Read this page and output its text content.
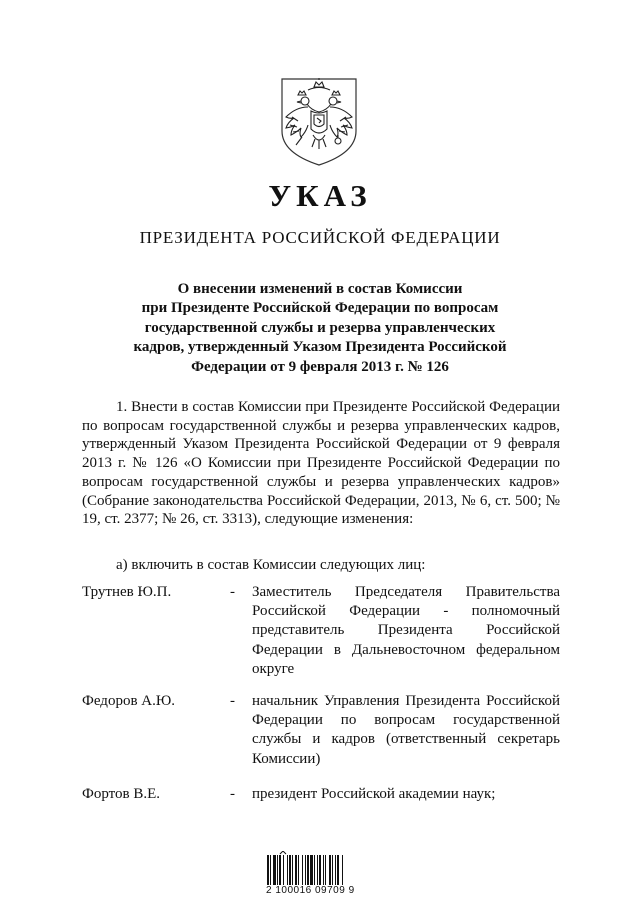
УКАЗ
ПРЕЗИДЕНТА РОССИЙСКОЙ ФЕДЕРАЦИИ
О внесении изменений в состав Комиссии
при Президенте Российской Федерации по вопросам
государственной службы и резерва управленческих
кадров, утвержденный Указом Президента Российской
Федерации от 9 февраля 2013 г. № 126
1. Внести в состав Комиссии при Президенте Российской Федерации по вопросам государственной службы и резерва управленческих кадров, утвержденный Указом Президента Российской Федерации от 9 февраля 2013 г. № 126 «О Комиссии при Президенте Российской Федерации по вопросам государственной службы и резерва управленческих кадров» (Собрание законодательства Российской Федерации, 2013, № 6, ст. 500; № 19, ст. 2377; № 26, ст. 3313), следующие изменения:
а) включить в состав Комиссии следующих лиц:
Трутнев Ю.П.	- Заместитель Председателя Правительства Российской Федерации - полномочный представитель Президента Российской Федерации в Дальневосточном федеральном округе
Федоров А.Ю.	- начальник Управления Президента Российской Федерации по вопросам государственной службы и кадров (ответственный секретарь Комиссии)
Фортов В.Е.	- президент Российской академии наук;
2 100016 09709 9
